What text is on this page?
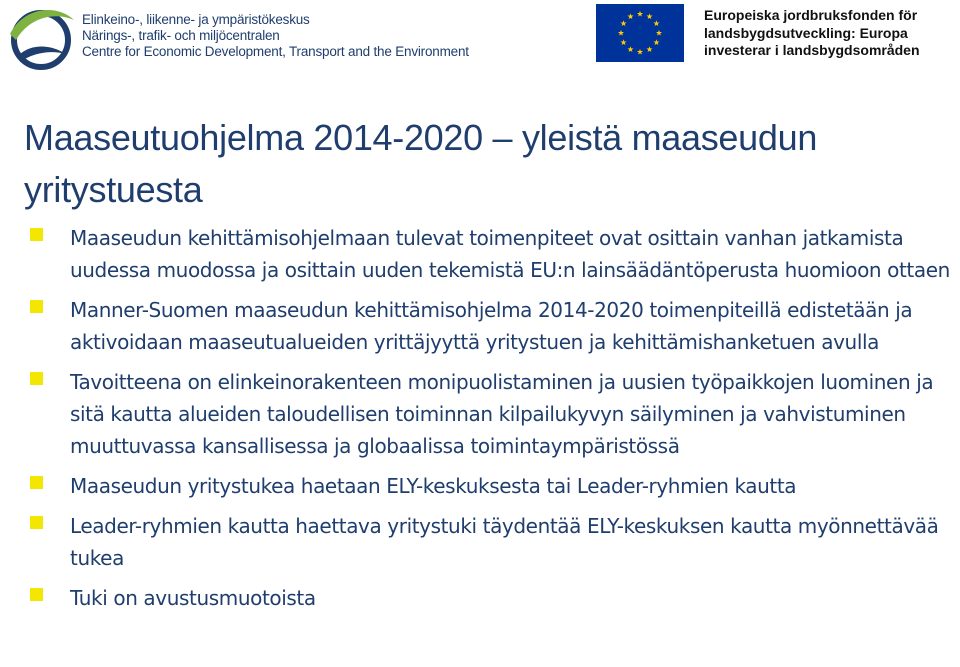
Elinkeino-, liikenne- ja ympäristökeskus
Närings-, trafik- och miljöcentralen
Centre for Economic Development, Transport and the Environment
Europeiska jordbruksfonden för
landsbygdsutveckling: Europa
investerar i landsbygdsområden
Maaseutuohjelma 2014-2020 – yleistä maaseudun yritystuesta
Maaseudun kehittämisohjelmaan tulevat toimenpiteet ovat osittain vanhan jatkamista uudessa muodossa ja osittain uuden tekemistä EU:n lainsäädäntöperusta huomioon ottaen
Manner-Suomen maaseudun kehittämisohjelma 2014-2020 toimenpiteillä edistetään ja aktivoidaan maaseutualueiden yrittäjyyttä yritystuen ja kehittämishanketuen avulla
Tavoitteena on elinkeinorakenteen monipuolistaminen ja uusien työpaikkojen luominen ja sitä kautta alueiden taloudellisen toiminnan kilpailukyvyn säilyminen ja vahvistuminen muuttuvassa kansallisessa ja globaalissa toimintaympäristössä
Maaseudun yritystukea haetaan ELY-keskuksesta tai Leader-ryhmien kautta
Leader-ryhmien kautta haettava yritystuki täydentää ELY-keskuksen kautta myönnettävää tukea
Tuki on avustusmuotoista
